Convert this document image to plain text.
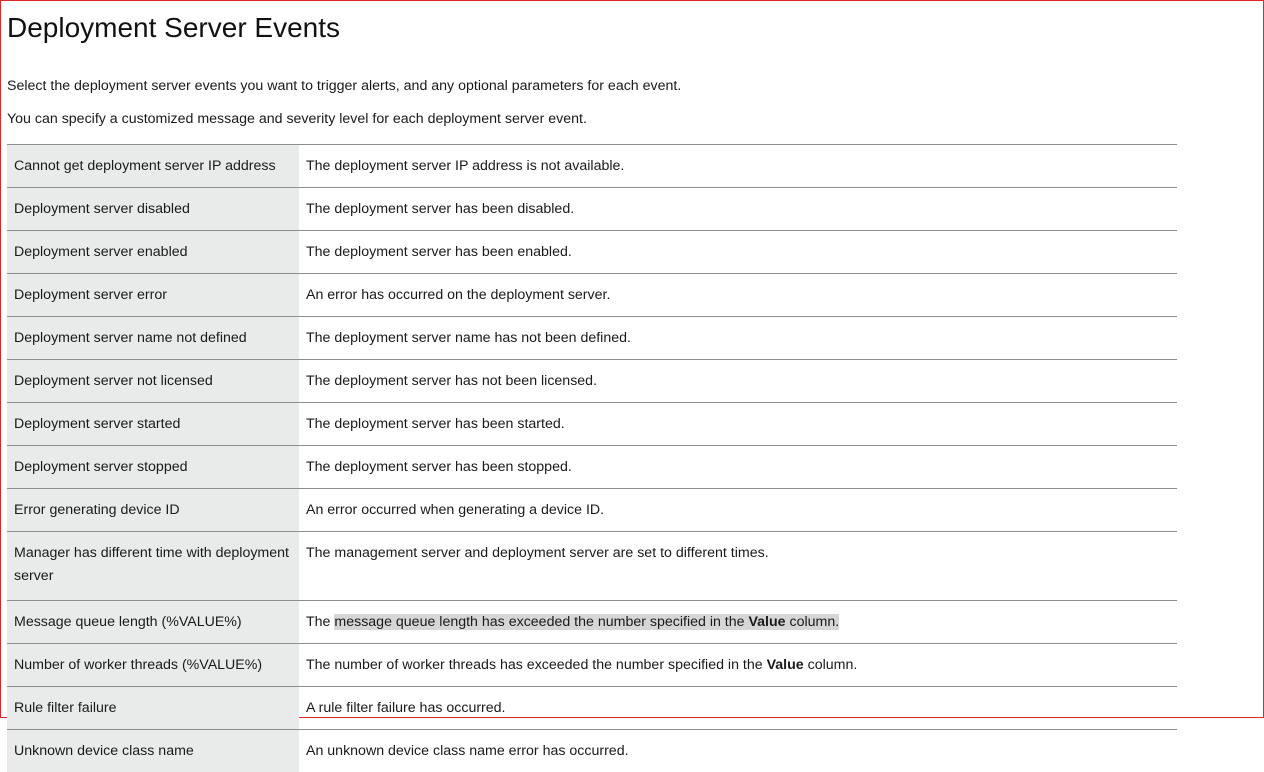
Deployment Server Events

Select the deployment server events you want to trigger alerts, and any optional parameters for each event.

You can specify a customized message and severity level for each deployment server event.

Cannot get deployment server IP address	The deployment server IP address is not available.
Deployment server disabled	The deployment server has been disabled.
Deployment server enabled	The deployment server has been enabled.
Deployment server error	An error has occurred on the deployment server.
Deployment server name not defined	The deployment server name has not been defined.
Deployment server not licensed	The deployment server has not been licensed.
Deployment server started	The deployment server has been started.
Deployment server stopped	The deployment server has been stopped.
Error generating device ID	An error occurred when generating a device ID.
Manager has different time with deployment server	The management server and deployment server are set to different times.
Message queue length (%VALUE%)	The message queue length has exceeded the number specified in the Value column.
Number of worker threads (%VALUE%)	The number of worker threads has exceeded the number specified in the Value column.
Rule filter failure	A rule filter failure has occurred.
Unknown device class name	An unknown device class name error has occurred.
